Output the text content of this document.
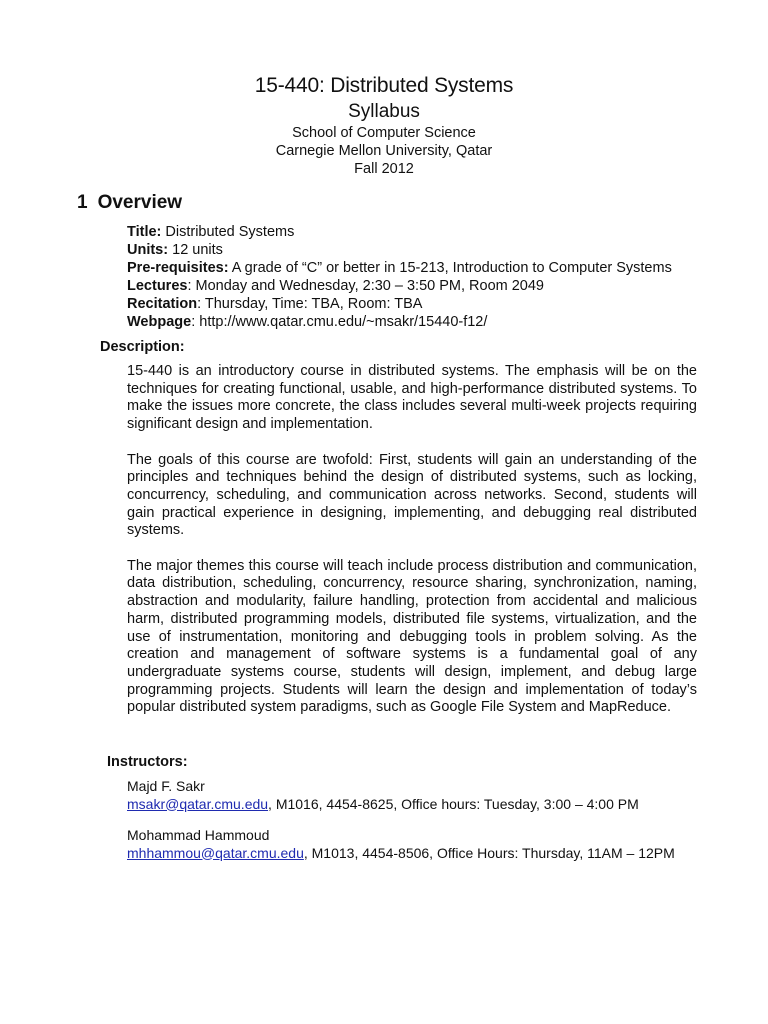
15-440: Distributed Systems
Syllabus
School of Computer Science
Carnegie Mellon University, Qatar
Fall 2012
1 Overview
Title: Distributed Systems
Units: 12 units
Pre-requisites: A grade of “C” or better in 15-213, Introduction to Computer Systems
Lectures: Monday and Wednesday, 2:30 – 3:50 PM, Room 2049
Recitation: Thursday, Time: TBA, Room: TBA
Webpage: http://www.qatar.cmu.edu/~msakr/15440-f12/
Description:

15-440 is an introductory course in distributed systems. The emphasis will be on the techniques for creating functional, usable, and high-performance distributed systems. To make the issues more concrete, the class includes several multi-week projects requiring significant design and implementation.

The goals of this course are twofold: First, students will gain an understanding of the principles and techniques behind the design of distributed systems, such as locking, concurrency, scheduling, and communication across networks. Second, students will gain practical experience in designing, implementing, and debugging real distributed systems.

The major themes this course will teach include process distribution and communication, data distribution, scheduling, concurrency, resource sharing, synchronization, naming, abstraction and modularity, failure handling, protection from accidental and malicious harm, distributed programming models, distributed file systems, virtualization, and the use of instrumentation, monitoring and debugging tools in problem solving. As the creation and management of software systems is a fundamental goal of any undergraduate systems course, students will design, implement, and debug large programming projects. Students will learn the design and implementation of today’s popular distributed system paradigms, such as Google File System and MapReduce.

Instructors:
Majd F. Sakr
msakr@qatar.cmu.edu, M1016, 4454-8625, Office hours: Tuesday, 3:00 – 4:00 PM
Mohammad Hammoud
mhhammou@qatar.cmu.edu, M1013, 4454-8506, Office Hours: Thursday, 11AM – 12PM
